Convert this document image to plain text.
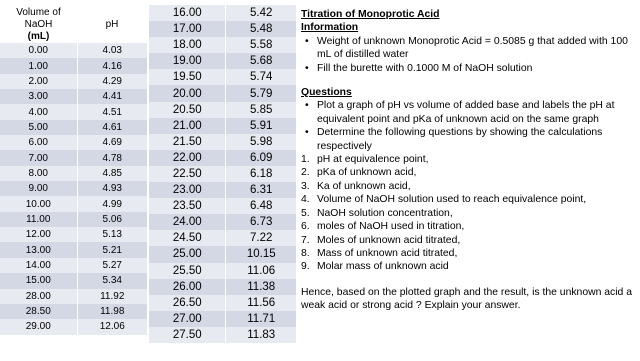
Volume of
NaOH
(mL)	pH
0.00	4.03
1.00	4.16
2.00	4.29
3.00	4.41
4.00	4.51
5.00	4.61
6.00	4.69
7.00	4.78
8.00	4.85
9.00	4.93
10.00	4.99
11.00	5.06
12.00	5.13
13.00	5.21
14.00	5.27
15.00	5.34
28.00	11.92
28.50	11.98
29.00	12.06
16.00	5.42
17.00	5.48
18.00	5.58
19.00	5.68
19.50	5.74
20.00	5.79
20.50	5.85
21.00	5.91
21.50	5.98
22.00	6.09
22.50	6.18
23.00	6.31
23.50	6.48
24.00	6.73
24.50	7.22
25.00	10.15
25.50	11.06
26.00	11.38
26.50	11.56
27.00	11.71
27.50	11.83

Titration of Monoprotic Acid

Information

• Weight of unknown Monoprotic Acid = 0.5085 g that added with 100 mL of distilled water
• Fill the burette with 0.1000 M of NaOH solution

Questions

• Plot a graph of pH vs volume of added base and labels the pH at equivalent point and pKa of unknown acid on the same graph
• Determine the following questions by showing the calculations respectively
1. pH at equivalence point,
2. pKa of unknown acid,
3. Ka of unknown acid,
4. Volume of NaOH solution used to reach equivalence point,
5. NaOH solution concentration,
6. moles of NaOH used in titration,
7. Moles of unknown acid titrated,
8. Mass of unknown acid titrated,
9. Molar mass of unknown acid

Hence, based on the plotted graph and the result, is the unknown acid a weak acid or strong acid ? Explain your answer.
